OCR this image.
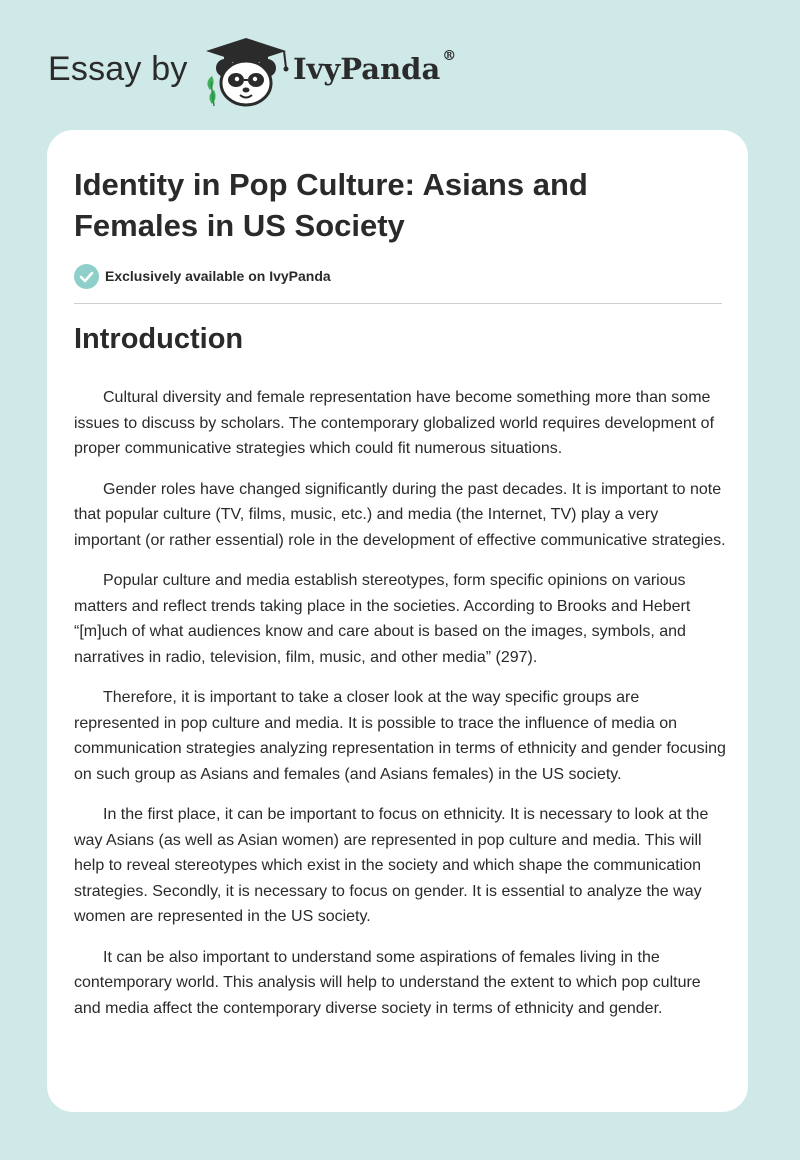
Essay by	IvyPanda ®
Identity in Pop Culture: Asians and Females in US Society
Exclusively available on IvyPanda
Introduction

Cultural diversity and female representation have become something more than some issues to discuss by scholars. The contemporary globalized world requires development of proper communicative strategies which could fit numerous situations.

Gender roles have changed significantly during the past decades. It is important to note that popular culture (TV, films, music, etc.) and media (the Internet, TV) play a very important (or rather essential) role in the development of effective communicative strategies.

Popular culture and media establish stereotypes, form specific opinions on various matters and reflect trends taking place in the societies. According to Brooks and Hebert “[m]uch of what audiences know and care about is based on the images, symbols, and narratives in radio, television, film, music, and other media” (297).

Therefore, it is important to take a closer look at the way specific groups are represented in pop culture and media. It is possible to trace the influence of media on communication strategies analyzing representation in terms of ethnicity and gender focusing on such group as Asians and females (and Asians females) in the US society.

In the first place, it can be important to focus on ethnicity. It is necessary to look at the way Asians (as well as Asian women) are represented in pop culture and media. This will help to reveal stereotypes which exist in the society and which shape the communication strategies. Secondly, it is necessary to focus on gender. It is essential to analyze the way women are represented in the US society.

It can be also important to understand some aspirations of females living in the contemporary world. This analysis will help to understand the extent to which pop culture and media affect the contemporary diverse society in terms of ethnicity and gender.
